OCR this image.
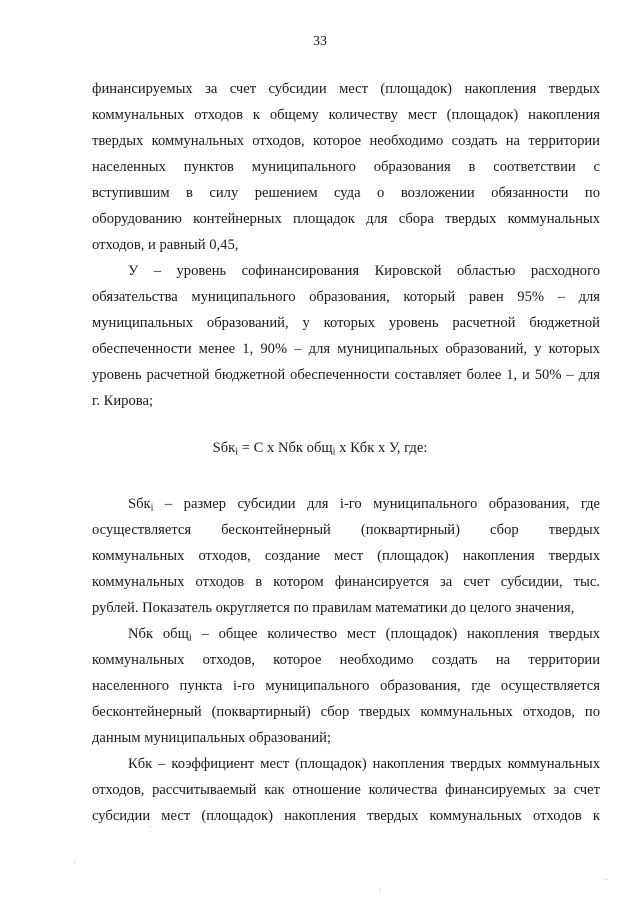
33
финансируемых за счет субсидии мест (площадок) накопления твердых
коммунальных отходов к общему количеству мест (площадок) накопления
твердых коммунальных отходов, которое необходимо создать на территории
населенных пунктов муниципального образования в соответствии с
вступившим в силу решением суда о возложении обязанности по
оборудованию контейнерных площадок для сбора твердых коммунальных
отходов, и равный 0,45,
У – уровень софинансирования Кировской областью расходного
обязательства муниципального образования, который равен 95% – для
муниципальных образований, у которых уровень расчетной бюджетной
обеспеченности менее 1, 90% – для муниципальных образований, у которых
уровень расчетной бюджетной обеспеченности составляет более 1, и 50% – для
г. Кирова;
Sбк$_i$ = С x Nбк общ$_i$ x Кбк x У, где:
Sбк$_i$ – размер субсидии для i-го муниципального образования, где
осуществляется бесконтейнерный (поквартирный) сбор твердых
коммунальных отходов, создание мест (площадок) накопления твердых
коммунальных отходов в котором финансируется за счет субсидии, тыс.
рублей. Показатель округляется по правилам математики до целого значения,
Nбк общ$_i$ – общее количество мест (площадок) накопления твердых
коммунальных отходов, которое необходимо создать на территории
населенного пункта i-го муниципального образования, где осуществляется
бесконтейнерный (поквартирный) сбор твердых коммунальных отходов, по
данным муниципальных образований;
Кбк – коэффициент мест (площадок) накопления твердых коммунальных
отходов, рассчитываемый как отношение количества финансируемых за счет
субсидии мест (площадок) накопления твердых коммунальных отходов к
